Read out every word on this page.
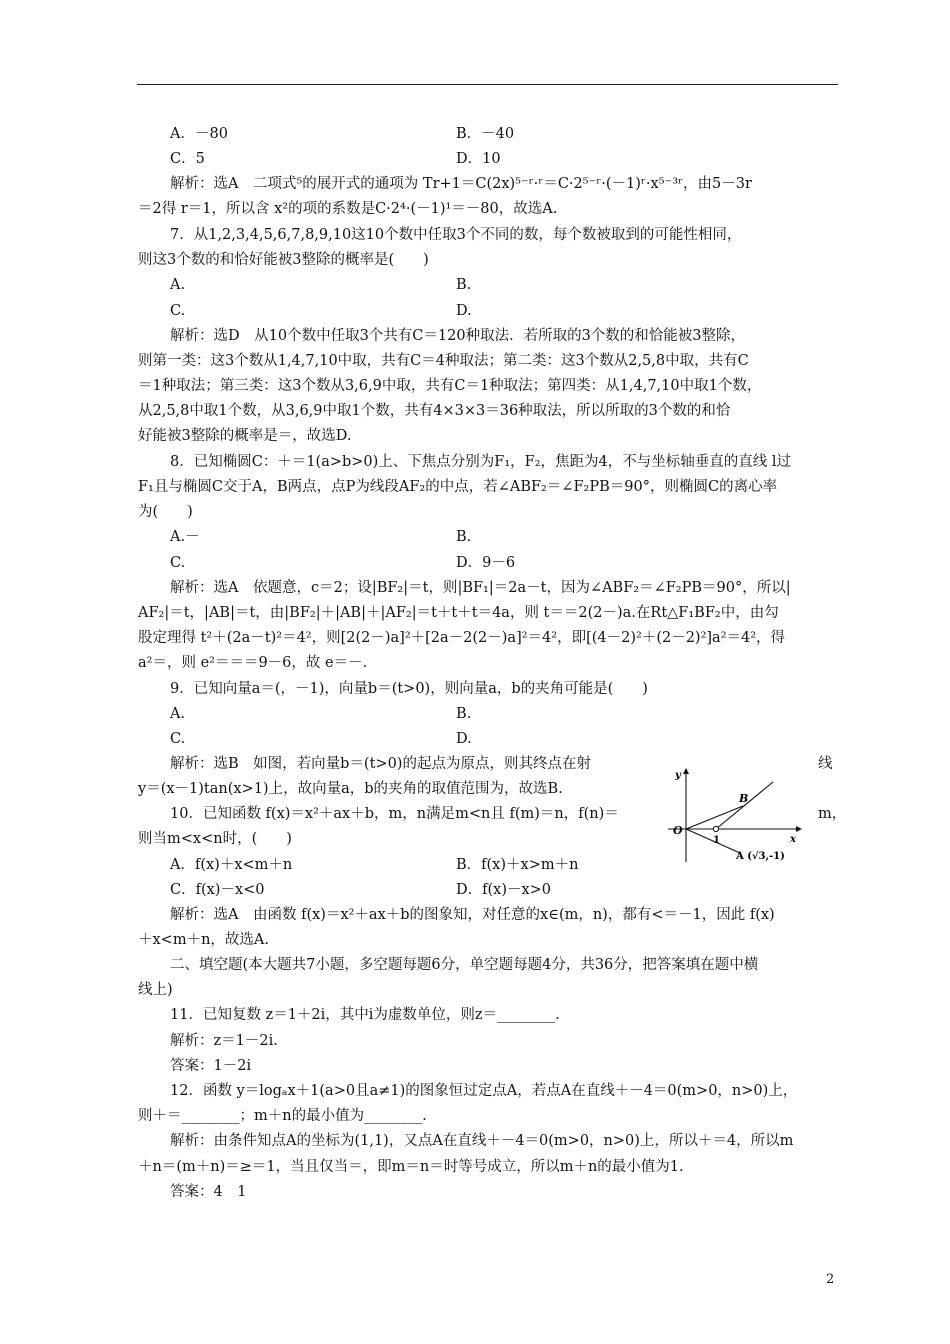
A．－80	B．－40
C．5	D．10
解析：选A　二项式⁵的展开式的通项为 Tr+1＝C(2x)⁵⁻ʳ·ʳ＝C·2⁵⁻ʳ·(－1)ʳ·x⁵⁻³ʳ，由5－3r
＝2得 r＝1，所以含 x²的项的系数是C·2⁴·(－1)¹＝－80，故选A.
7．从1,2,3,4,5,6,7,8,9,10这10个数中任取3个不同的数，每个数被取到的可能性相同，
则这3个数的和恰好能被3整除的概率是(　　)
A.	B.
C.	D.
解析：选D　从10个数中任取3个共有C＝120种取法．若所取的3个数的和恰能被3整除，
则第一类：这3个数从1,4,7,10中取，共有C＝4种取法；第二类：这3个数从2,5,8中取，共有C
＝1种取法；第三类：这3个数从3,6,9中取，共有C＝1种取法；第四类：从1,4,7,10中取1个数，
从2,5,8中取1个数，从3,6,9中取1个数，共有4×3×3＝36种取法，所以所取的3个数的和恰
好能被3整除的概率是＝，故选D.
8．已知椭圆C：＋＝1(a>b>0)上、下焦点分别为F₁，F₂，焦距为4，不与坐标轴垂直的直线 l过
F₁且与椭圆C交于A，B两点，点P为线段AF₂的中点，若∠ABF₂＝∠F₂PB＝90°，则椭圆C的离心率
为(　　)
A.－	B.
C.	D．9－6
解析：选A　依题意，c＝2；设|BF₂|＝t，则|BF₁|＝2a－t，因为∠ABF₂＝∠F₂PB＝90°，所以|
AF₂|＝t，|AB|＝t，由|BF₂|＋|AB|＋|AF₂|＝t＋t＋t＝4a，则 t＝＝2(2－)a.在Rt△F₁BF₂中，由勾
股定理得 t²＋(2a－t)²＝4²，则[2(2－)a]²＋[2a－2(2－)a]²＝4²，即[(4－2)²＋(2－2)²]a²＝4²，得
a²＝，则 e²＝＝＝9－6，故 e＝－.
9．已知向量a＝(，－1)，向量b＝(t>0)，则向量a，b的夹角可能是(　　)
A.	B.
C.	D.
解析：选B　如图，若向量b＝(t>0)的起点为原点，则其终点在射
y＝(x－1)tan(x>1)上，故向量a，b的夹角的取值范围为，故选B.
10．已知函数 f(x)＝x²＋ax＋b，m，n满足m<n且 f(m)＝n，f(n)＝
则当m<x<n时，(　　)
A．f(x)＋x<m＋n	B．f(x)＋x>m＋n
C．f(x)－x<0	D．f(x)－x>0
解析：选A　由函数 f(x)＝x²＋ax＋b的图象知，对任意的x∈(m，n)，都有<＝－1，因此 f(x)
＋x<m＋n，故选A.
二、填空题(本大题共7小题，多空题每题6分，单空题每题4分，共36分，把答案填在题中横
线上)
11．已知复数 z＝1＋2i，其中i为虚数单位，则z＝________.
解析：z＝1－2i.
答案：1－2i
12．函数 y＝logₐx＋1(a>0且a≠1)的图象恒过定点A，若点A在直线＋－4＝0(m>0，n>0)上，
则＋＝________；m＋n的最小值为________.
解析：由条件知点A的坐标为(1,1)，又点A在直线＋－4＝0(m>0，n>0)上，所以＋＝4，所以m
＋n＝(m＋n)＝≥＝1，当且仅当＝，即m＝n＝时等号成立，所以m＋n的最小值为1.
答案：4　1
线
m，
y
x
O
1
B
A (√3,-1)
2
